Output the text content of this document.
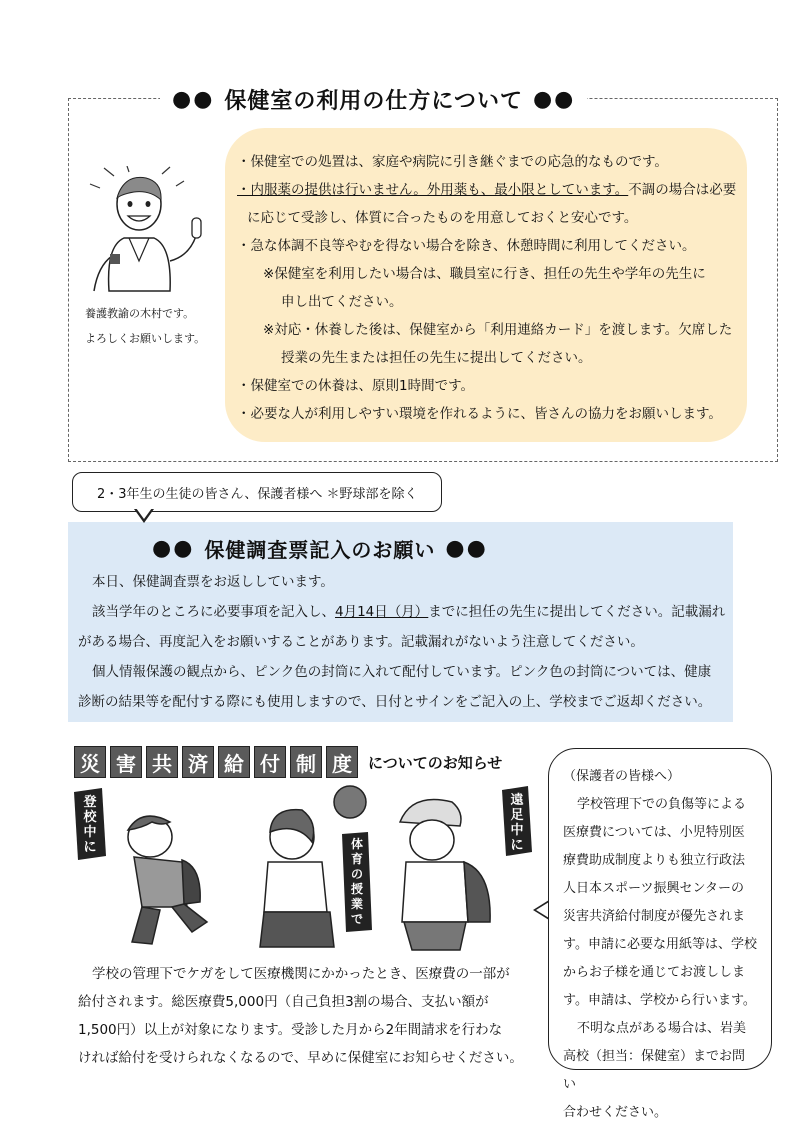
●● 保健室の利用の仕方について ●●
養護教諭の木村です。
よろしくお願いします。
・保健室での処置は、家庭や病院に引き継ぐまでの応急的なものです。
・内服薬の提供は行いません。外用薬も、最小限としています。不調の場合は必要
に応じて受診し、体質に合ったものを用意しておくと安心です。
・急な体調不良等やむを得ない場合を除き、休憩時間に利用してください。
※保健室を利用したい場合は、職員室に行き、担任の先生や学年の先生に
申し出てください。
※対応・休養した後は、保健室から「利用連絡カード」を渡します。欠席した
授業の先生または担任の先生に提出してください。
・保健室での休養は、原則1時間です。
・必要な人が利用しやすい環境を作れるように、皆さんの協力をお願いします。
2・3年生の生徒の皆さん、保護者様へ ＊野球部を除く
●● 保健調査票記入のお願い ●●
本日、保健調査票をお返ししています。
該当学年のところに必要事項を記入し、4月14日（月）までに担任の先生に提出してください。記載漏れ
がある場合、再度記入をお願いすることがあります。記載漏れがないよう注意してください。
個人情報保護の観点から、ピンク色の封筒に入れて配付しています。ピンク色の封筒については、健康
診断の結果等を配付する際にも使用しますので、日付とサインをご記入の上、学校までご返却ください。
災 害 共 済 給 付 制 度	についてのお知らせ
登校中に	体育の授業で
遠足中に
学校の管理下でケガをして医療機関にかかったとき、医療費の一部が
給付されます。総医療費5,000円（自己負担3割の場合、支払い額が
1,500円）以上が対象になります。受診した月から2年間請求を行わな
ければ給付を受けられなくなるので、早めに保健室にお知らせください。
（保護者の皆様へ）
学校管理下での負傷等による
医療費については、小児特別医
療費助成制度よりも独立行政法
人日本スポーツ振興センターの
災害共済給付制度が優先されま
す。申請に必要な用紙等は、学校
からお子様を通じてお渡ししま
す。申請は、学校から行います。
不明な点がある場合は、岩美
高校（担当：保健室）までお問い
合わせください。
